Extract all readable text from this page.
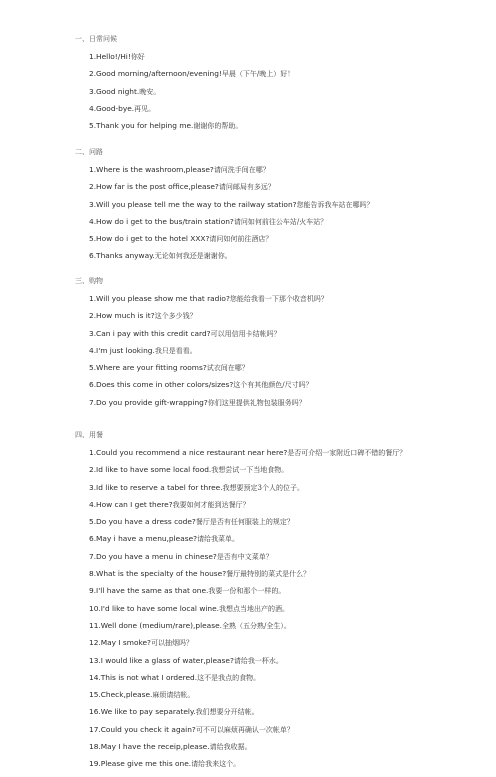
一、日常问候
1.Hello!/Hi!你好
2.Good morning/afternoon/evening!早晨（下午/晚上）好！
3.Good night.晚安。
4.Good-bye.再见。
5.Thank you for helping me.谢谢你的帮助。
二、问路
1.Where is the washroom,please?请问洗手间在哪？
2.How far is the post office,please?请问邮局有多远？
3.Will you please tell me the way to the railway station?您能告诉我车站在哪吗？
4.How do i get to the bus/train station?请问如何前往公车站/火车站？
5.How do i get to the hotel XXX?请问如何前往酒店？
6.Thanks anyway.无论如何我还是谢谢你。
三、购物
1.Will you please show me that radio?您能给我看一下那个收音机吗？
2.How much is it?这个多少钱？
3.Can i pay with this credit card?可以用信用卡结帐吗？
4.I'm just looking.我只是看看。
5.Where are your fitting rooms?试衣间在哪？
6.Does this come in other colors/sizes?这个有其他颜色/尺寸吗？
7.Do you provide gift-wrapping?你们这里提供礼物包装服务吗？
四、用餐
1.Could you recommend a nice restaurant near here?是否可介绍一家附近口碑不错的餐厅？
2.Id like to have some local food.我想尝试一下当地食物。
3.Id like to reserve a tabel for three.我想要预定3个人的位子。
4.How can I get there?我要如何才能到达餐厅？
5.Do you have a dress code?餐厅是否有任何服装上的规定？
6.May i have a menu,please?请给我菜单。
7.Do you have a menu in chinese?是否有中文菜单？
8.What is the specialty of the house?餐厅最特别的菜式是什么？
9.I'll have the same as that one.我要一份和那个一样的。
10.I'd like to have some local wine.我想点当地出产的酒。
11.Well done (medium/rare),please.全熟（五分熟/全生）。
12.May I smoke?可以抽烟吗？
13.I would like a glass of water,please?请给我一杯水。
14.This is not what I ordered.这不是我点的食物。
15.Check,please.麻烦请结帐。
16.We like to pay separately.我们想要分开结帐。
17.Could you check it again?可不可以麻烦再确认一次帐单？
18.May I have the receip,please.请给我收据。
19.Please give me this one.请给我来这个。
